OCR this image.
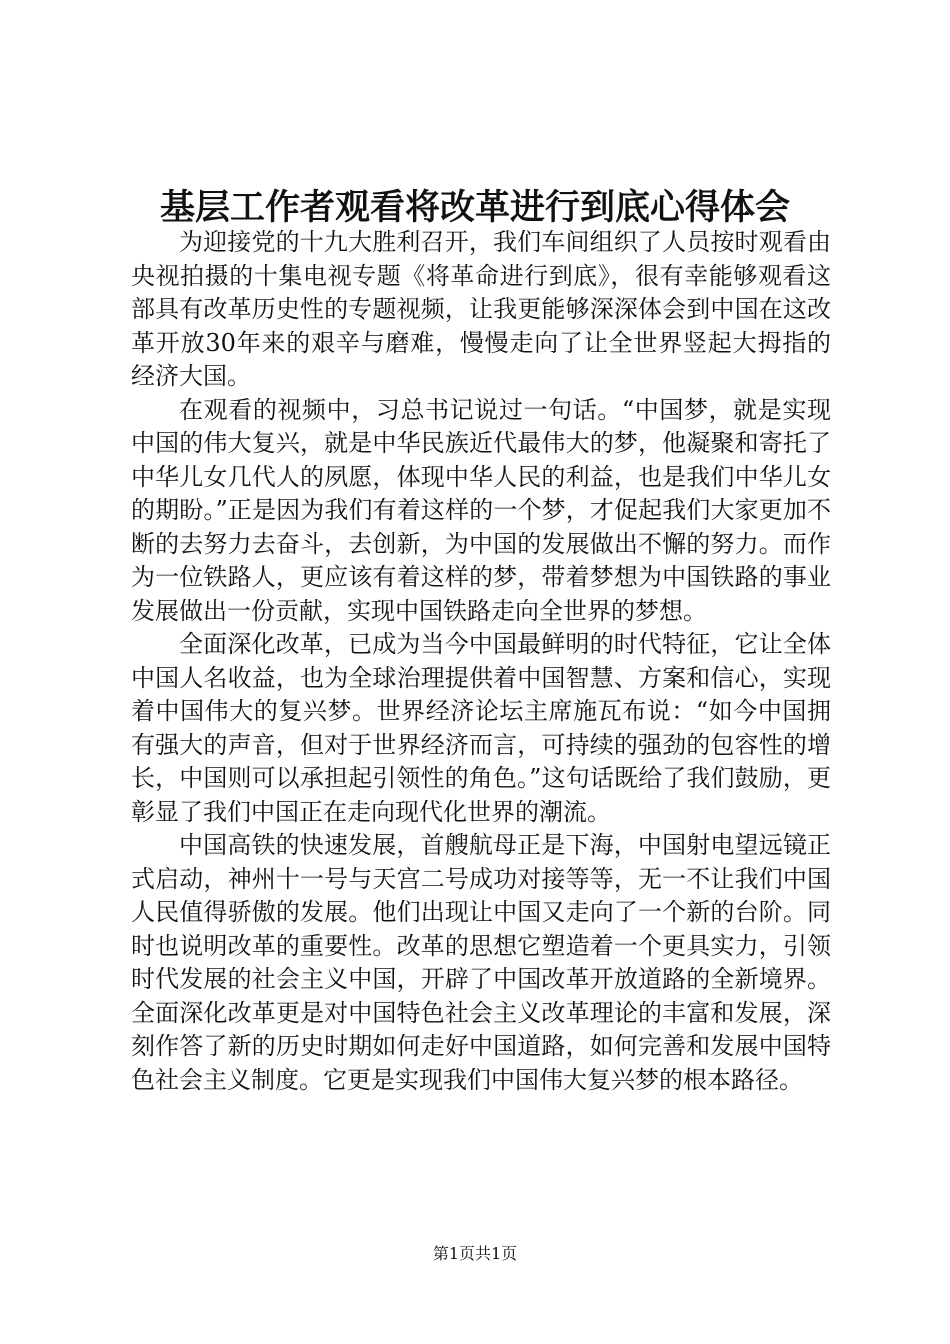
基层工作者观看将改革进行到底心得体会

为迎接党的十九大胜利召开，我们车间组织了人员按时观看由央视拍摄的十集电视专题《将革命进行到底》，很有幸能够观看这部具有改革历史性的专题视频，让我更能够深深体会到中国在这改革开放30年来的艰辛与磨难，慢慢走向了让全世界竖起大拇指的经济大国。

在观看的视频中，习总书记说过一句话。“中国梦，就是实现中国的伟大复兴，就是中华民族近代最伟大的梦，他凝聚和寄托了中华儿女几代人的夙愿，体现中华人民的利益，也是我们中华儿女的期盼。”正是因为我们有着这样的一个梦，才促起我们大家更加不断的去努力去奋斗，去创新，为中国的发展做出不懈的努力。而作为一位铁路人，更应该有着这样的梦，带着梦想为中国铁路的事业发展做出一份贡献，实现中国铁路走向全世界的梦想。

全面深化改革，已成为当今中国最鲜明的时代特征，它让全体中国人名收益，也为全球治理提供着中国智慧、方案和信心，实现着中国伟大的复兴梦。世界经济论坛主席施瓦布说：“如今中国拥有强大的声音，但对于世界经济而言，可持续的强劲的包容性的增长，中国则可以承担起引领性的角色。”这句话既给了我们鼓励，更彰显了我们中国正在走向现代化世界的潮流。

中国高铁的快速发展，首艘航母正是下海，中国射电望远镜正式启动，神州十一号与天宫二号成功对接等等，无一不让我们中国人民值得骄傲的发展。他们出现让中国又走向了一个新的台阶。同时也说明改革的重要性。改革的思想它塑造着一个更具实力，引领时代发展的社会主义中国，开辟了中国改革开放道路的全新境界。全面深化改革更是对中国特色社会主义改革理论的丰富和发展，深刻作答了新的历史时期如何走好中国道路，如何完善和发展中国特色社会主义制度。它更是实现我们中国伟大复兴梦的根本路径。

第1页共1页
